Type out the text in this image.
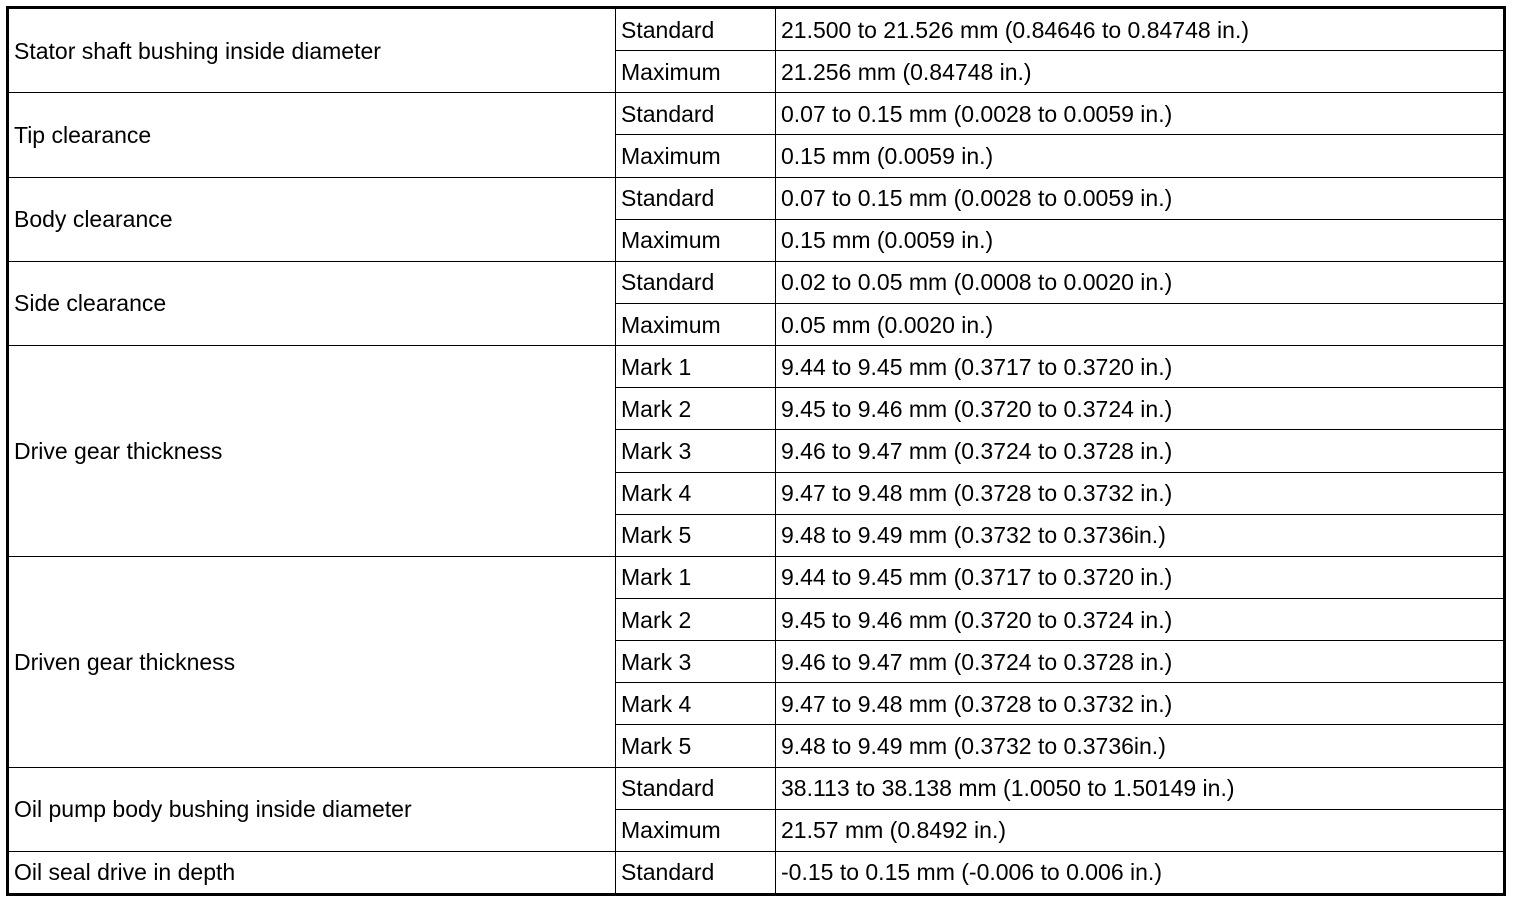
Stator shaft bushing inside diameter	Standard	21.500 to 21.526 mm (0.84646 to 0.84748 in.)
	Maximum	21.256 mm (0.84748 in.)
Tip clearance	Standard	0.07 to 0.15 mm (0.0028 to 0.0059 in.)
	Maximum	0.15 mm (0.0059 in.)
Body clearance	Standard	0.07 to 0.15 mm (0.0028 to 0.0059 in.)
	Maximum	0.15 mm (0.0059 in.)
Side clearance	Standard	0.02 to 0.05 mm (0.0008 to 0.0020 in.)
	Maximum	0.05 mm (0.0020 in.)
Drive gear thickness	Mark 1	9.44 to 9.45 mm (0.3717 to 0.3720 in.)
	Mark 2	9.45 to 9.46 mm (0.3720 to 0.3724 in.)
	Mark 3	9.46 to 9.47 mm (0.3724 to 0.3728 in.)
	Mark 4	9.47 to 9.48 mm (0.3728 to 0.3732 in.)
	Mark 5	9.48 to 9.49 mm (0.3732 to 0.3736in.)
Driven gear thickness	Mark 1	9.44 to 9.45 mm (0.3717 to 0.3720 in.)
	Mark 2	9.45 to 9.46 mm (0.3720 to 0.3724 in.)
	Mark 3	9.46 to 9.47 mm (0.3724 to 0.3728 in.)
	Mark 4	9.47 to 9.48 mm (0.3728 to 0.3732 in.)
	Mark 5	9.48 to 9.49 mm (0.3732 to 0.3736in.)
Oil pump body bushing inside diameter	Standard	38.113 to 38.138 mm (1.0050 to 1.50149 in.)
	Maximum	21.57 mm (0.8492 in.)
Oil seal drive in depth	Standard	-0.15 to 0.15 mm (-0.006 to 0.006 in.)
